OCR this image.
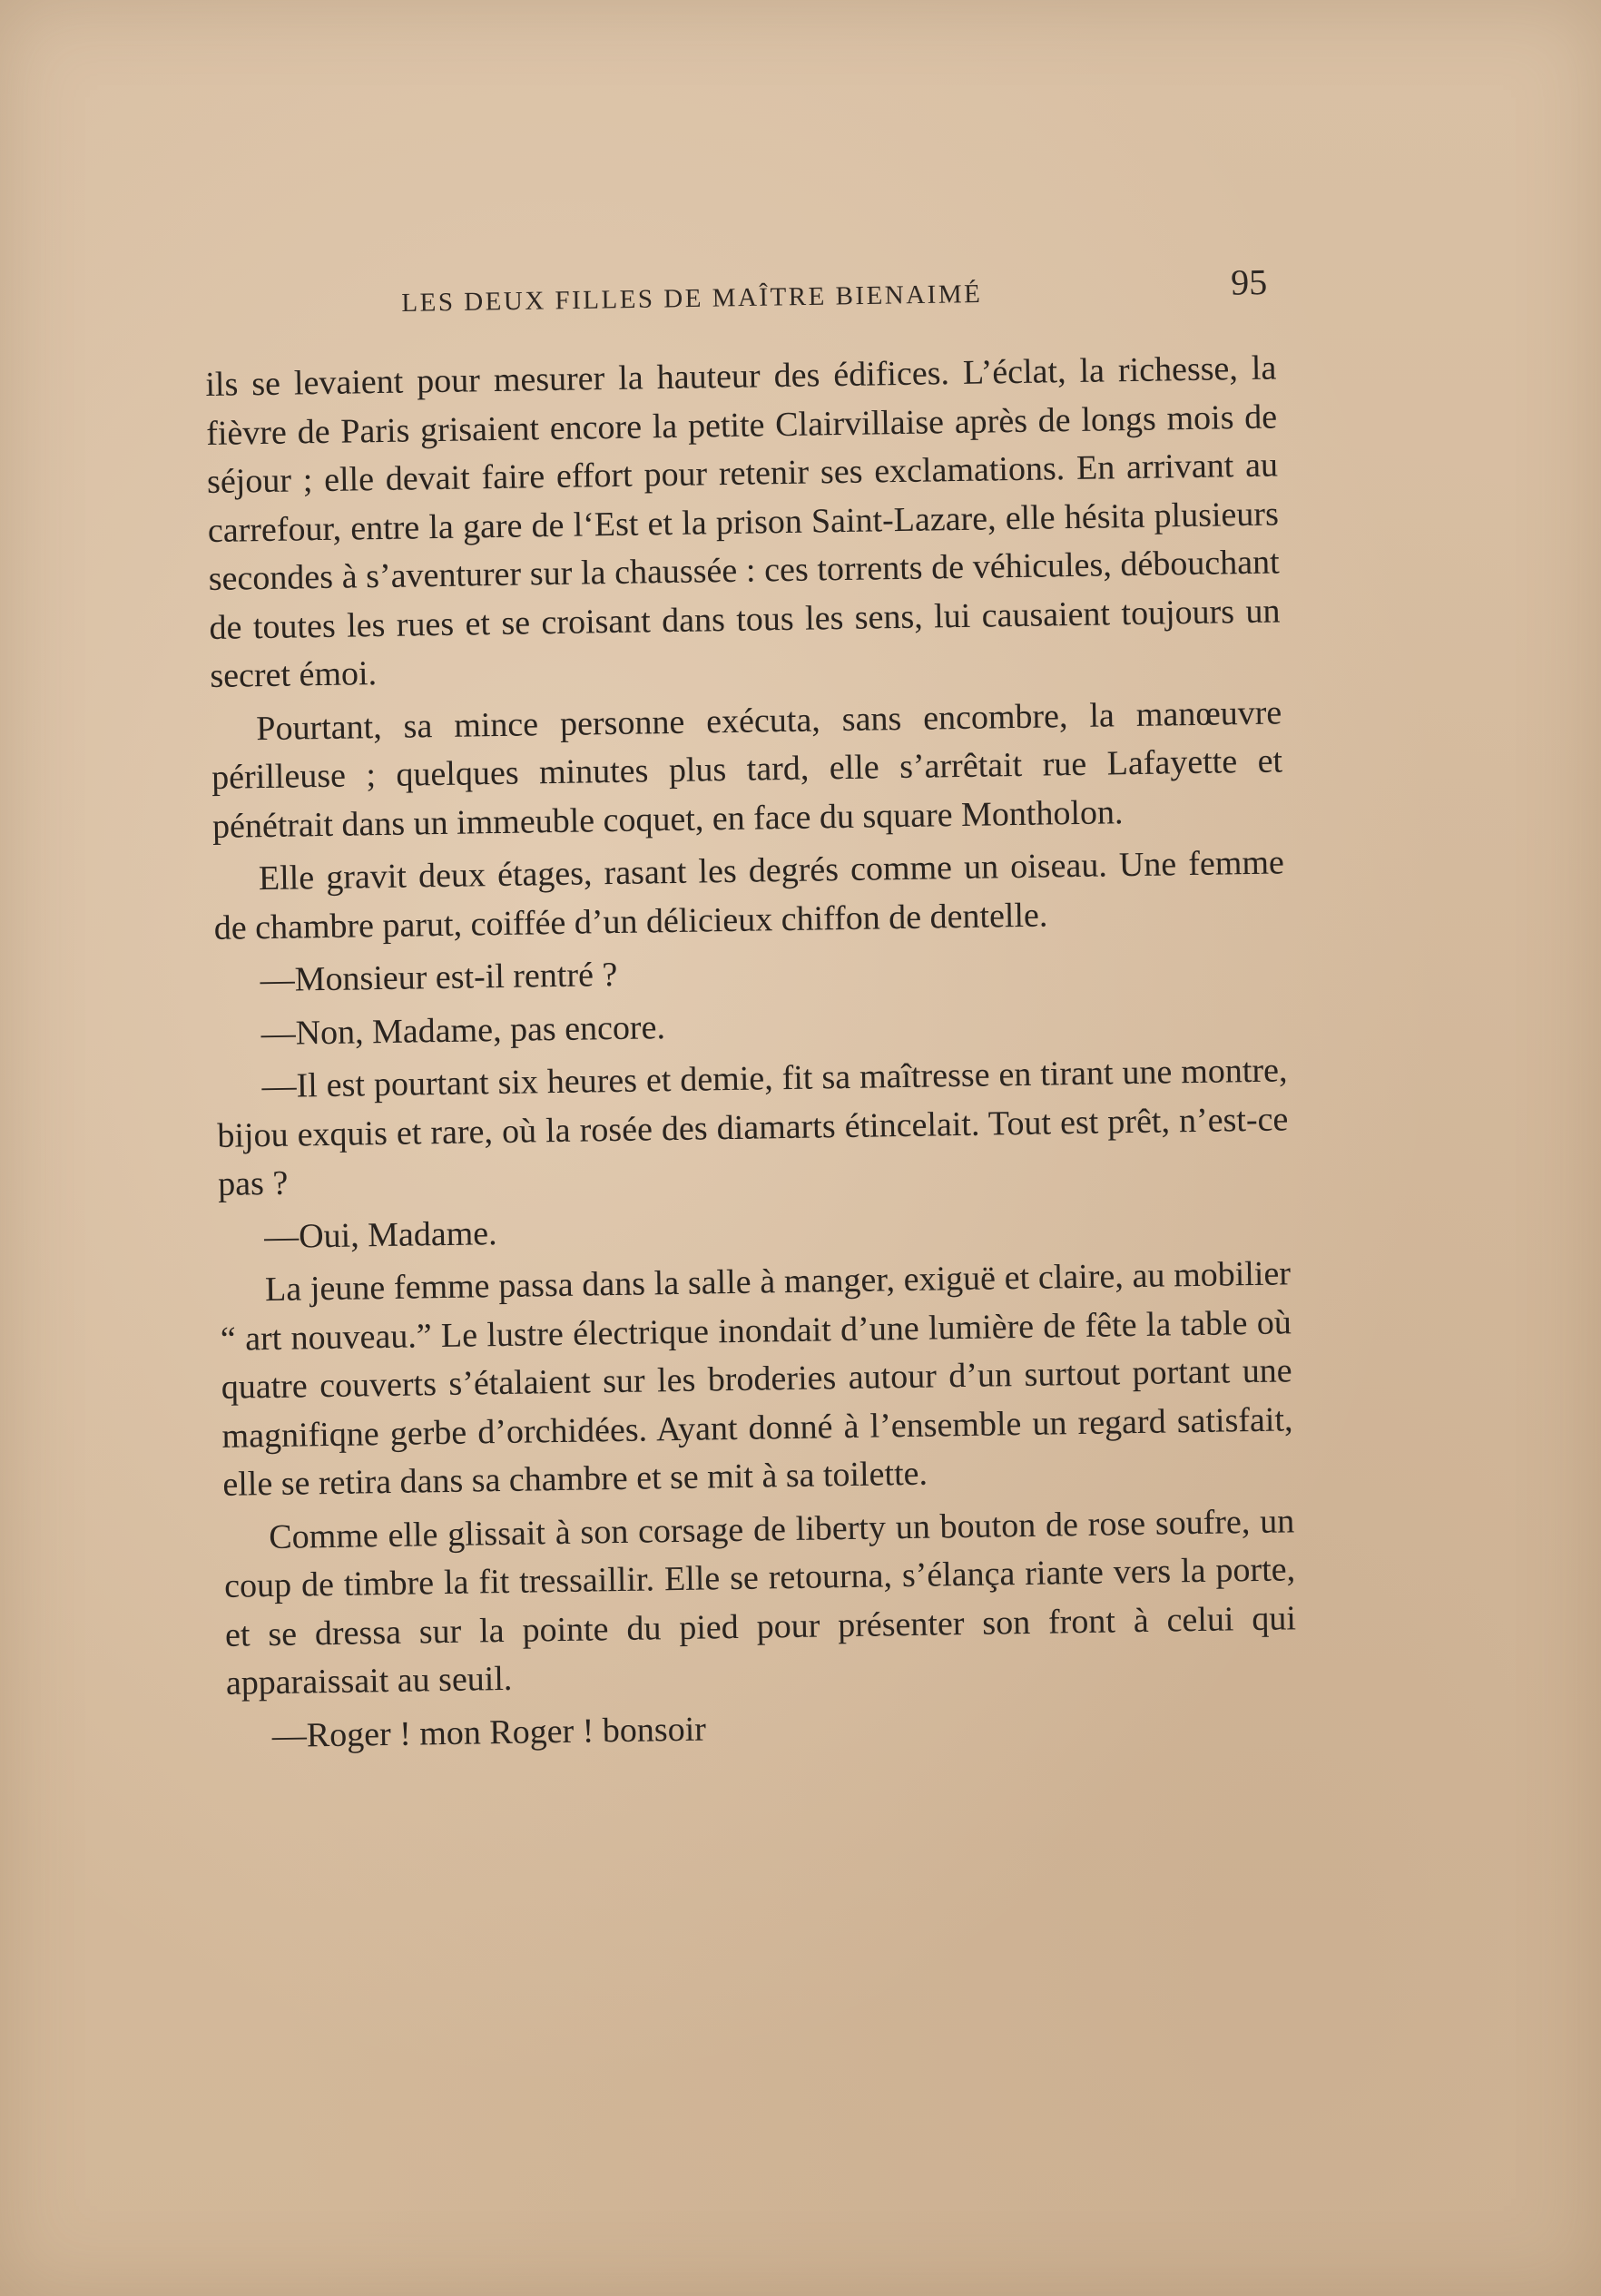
LES DEUX FILLES DE MAÎTRE BIENAIMÉ	95

ils se levaient pour mesurer la hauteur des édifices. L’éclat, la richesse, la fièvre de Paris grisaient encore la petite Clairvillaise après de longs mois de séjour ; elle devait faire effort pour retenir ses exclamations. En arrivant au carrefour, entre la gare de l‘Est et la prison Saint-Lazare, elle hésita plusieurs secondes à s’aventurer sur la chaussée : ces torrents de véhicules, débouchant de toutes les rues et se croisant dans tous les sens, lui causaient toujours un secret émoi.

Pourtant, sa mince personne exécuta, sans encombre, la manœuvre périlleuse ; quelques minutes plus tard, elle s’arrêtait rue Lafayette et pénétrait dans un immeuble coquet, en face du square Montholon.

Elle gravit deux étages, rasant les degrés comme un oiseau. Une femme de chambre parut, coiffée d’un délicieux chiffon de dentelle.

—Monsieur est-il rentré ?

—Non, Madame, pas encore.

—Il est pourtant six heures et demie, fit sa maîtresse en tirant une montre, bijou exquis et rare, où la rosée des diamarts étincelait. Tout est prêt, n’est-ce pas ?

—Oui, Madame.

La jeune femme passa dans la salle à manger, exiguë et claire, au mobilier “ art nouveau.” Le lustre électrique inondait d’une lumière de fête la table où quatre couverts s’étalaient sur les broderies autour d’un surtout portant une magnifiqne gerbe d’orchidées. Ayant donné à l’ensemble un regard satisfait, elle se retira dans sa chambre et se mit à sa toilette.

Comme elle glissait à son corsage de liberty un bouton de rose soufre, un coup de timbre la fit tressaillir. Elle se retourna, s’élança riante vers la porte, et se dressa sur la pointe du pied pour présenter son front à celui qui apparaissait au seuil.

—Roger ! mon Roger ! bonsoir
